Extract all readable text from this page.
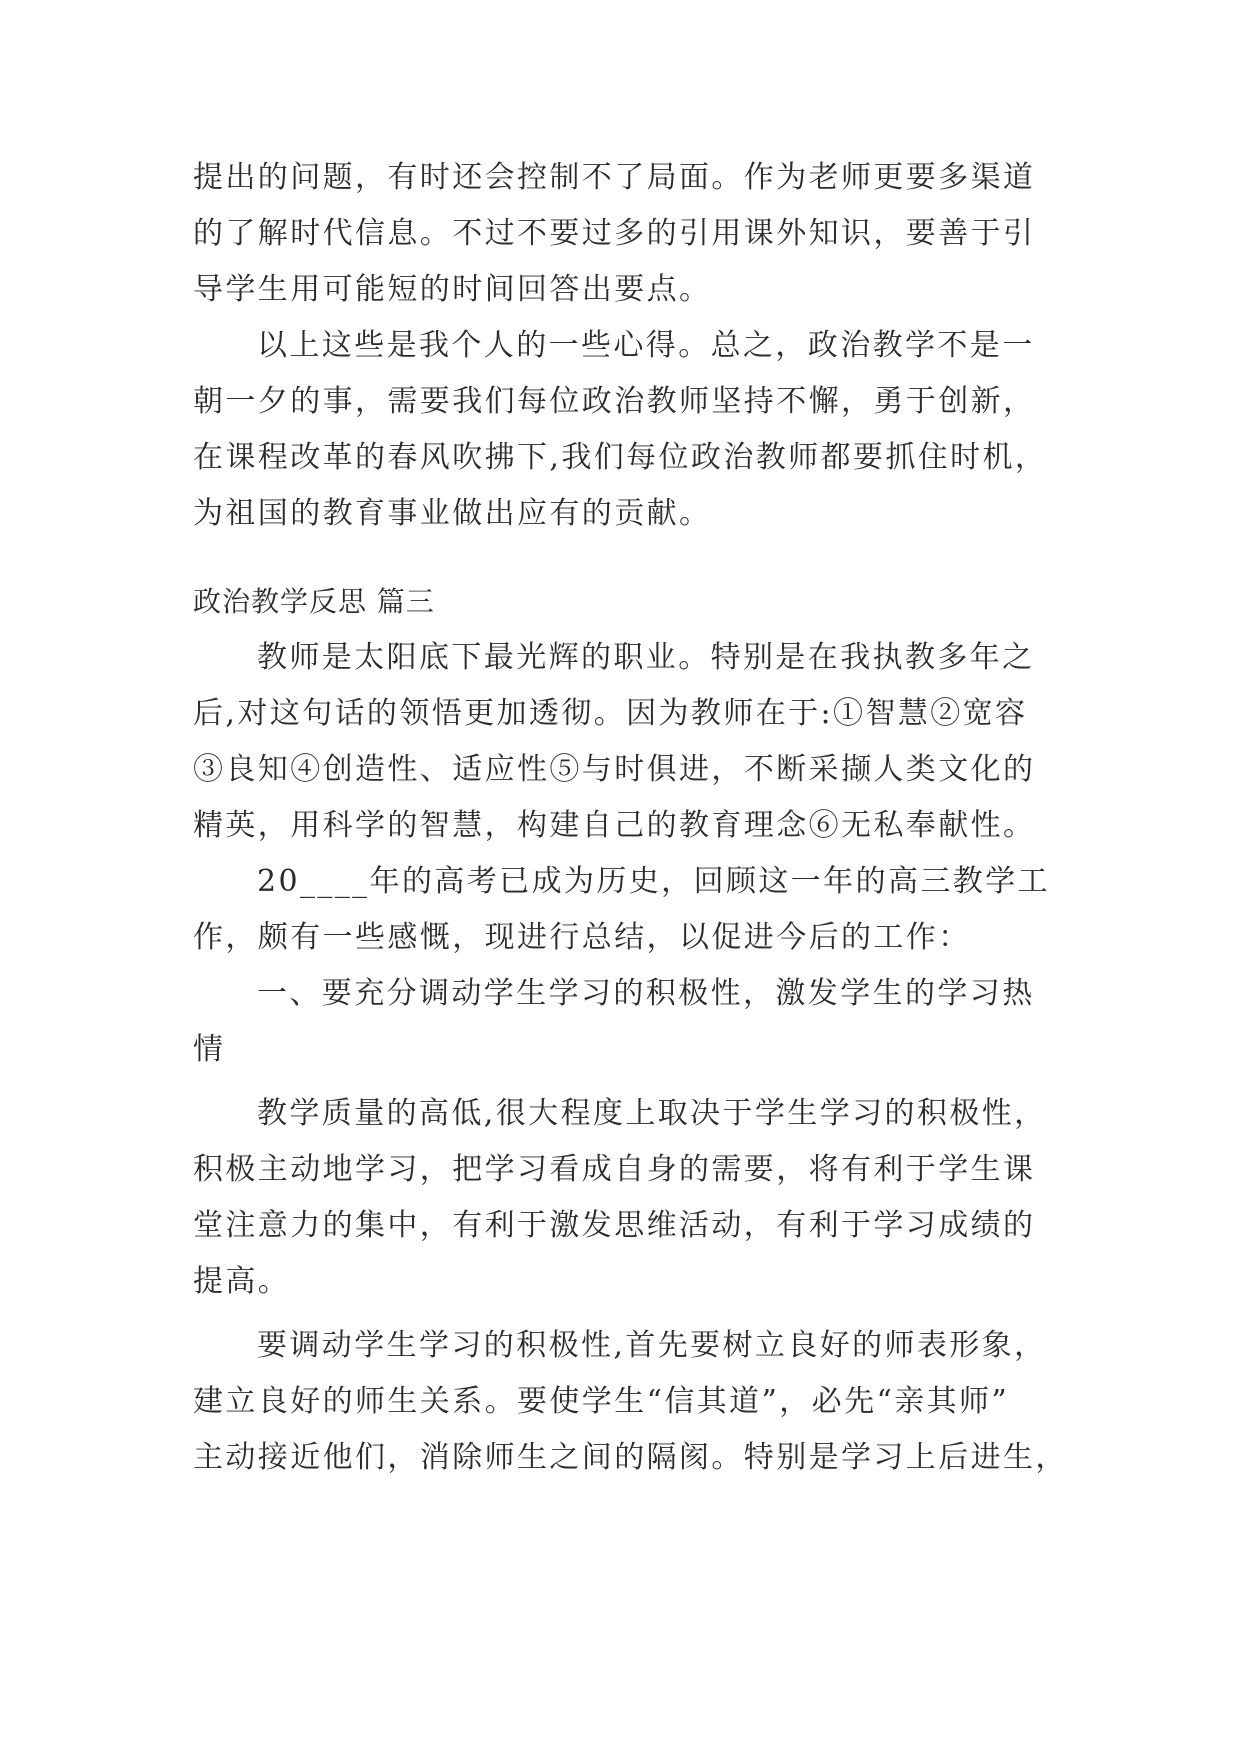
提出的问题，有时还会控制不了局面。作为老师更要多渠道
的了解时代信息。不过不要过多的引用课外知识，要善于引
导学生用可能短的时间回答出要点。
以上这些是我个人的一些心得。总之，政治教学不是一
朝一夕的事，需要我们每位政治教师坚持不懈，勇于创新，
在课程改革的春风吹拂下,我们每位政治教师都要抓住时机，
为祖国的教育事业做出应有的贡献。
政治教学反思 篇三
教师是太阳底下最光辉的职业。特别是在我执教多年之
后,对这句话的领悟更加透彻。因为教师在于:①智慧②宽容
③良知④创造性、适应性⑤与时俱进，不断采撷人类文化的
精英，用科学的智慧，构建自己的教育理念⑥无私奉献性。
20____年的高考已成为历史，回顾这一年的高三教学工
作，颇有一些感慨，现进行总结，以促进今后的工作：
一、要充分调动学生学习的积极性，激发学生的学习热
情
教学质量的高低,很大程度上取决于学生学习的积极性，
积极主动地学习，把学习看成自身的需要，将有利于学生课
堂注意力的集中，有利于激发思维活动，有利于学习成绩的
提高。
要调动学生学习的积极性,首先要树立良好的师表形象，
建立良好的师生关系。要使学生“信其道”，必先“亲其师”
主动接近他们，消除师生之间的隔阂。特别是学习上后进生，
